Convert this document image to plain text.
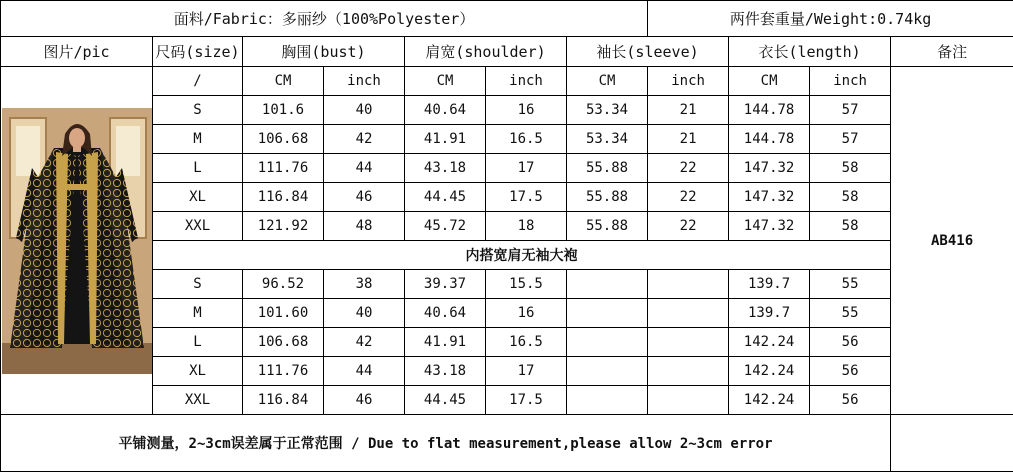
面料/Fabric：多丽纱（100%Polyester）							两件套重量/Weight:0.74kg			
图片/pic	尺码(size)	胸围(bust)		肩宽(shoulder)		袖长(sleeve)		衣长(length)		备注

	/	CM	inch	CM	inch	CM	inch	CM	inch	AB416
	S	101.6	40	40.64	16	53.34	21	144.78	57	
	M	106.68	42	41.91	16.5	53.34	21	144.78	57	
	L	111.76	44	43.18	17	55.88	22	147.32	58	
	XL	116.84	46	44.45	17.5	55.88	22	147.32	58	
	XXL	121.92	48	45.72	18	55.88	22	147.32	58	
	内搭宽肩无袖大袍									
	S	96.52	38	39.37	15.5			139.7	55	
	M	101.60	40	40.64	16			139.7	55	
	L	106.68	42	41.91	16.5			142.24	56	
	XL	111.76	44	43.18	17			142.24	56	
	XXL	116.84	46	44.45	17.5			142.24	56	
平铺测量，2~3cm误差属于正常范围 / Due to flat measurement,please allow 2~3cm error										
